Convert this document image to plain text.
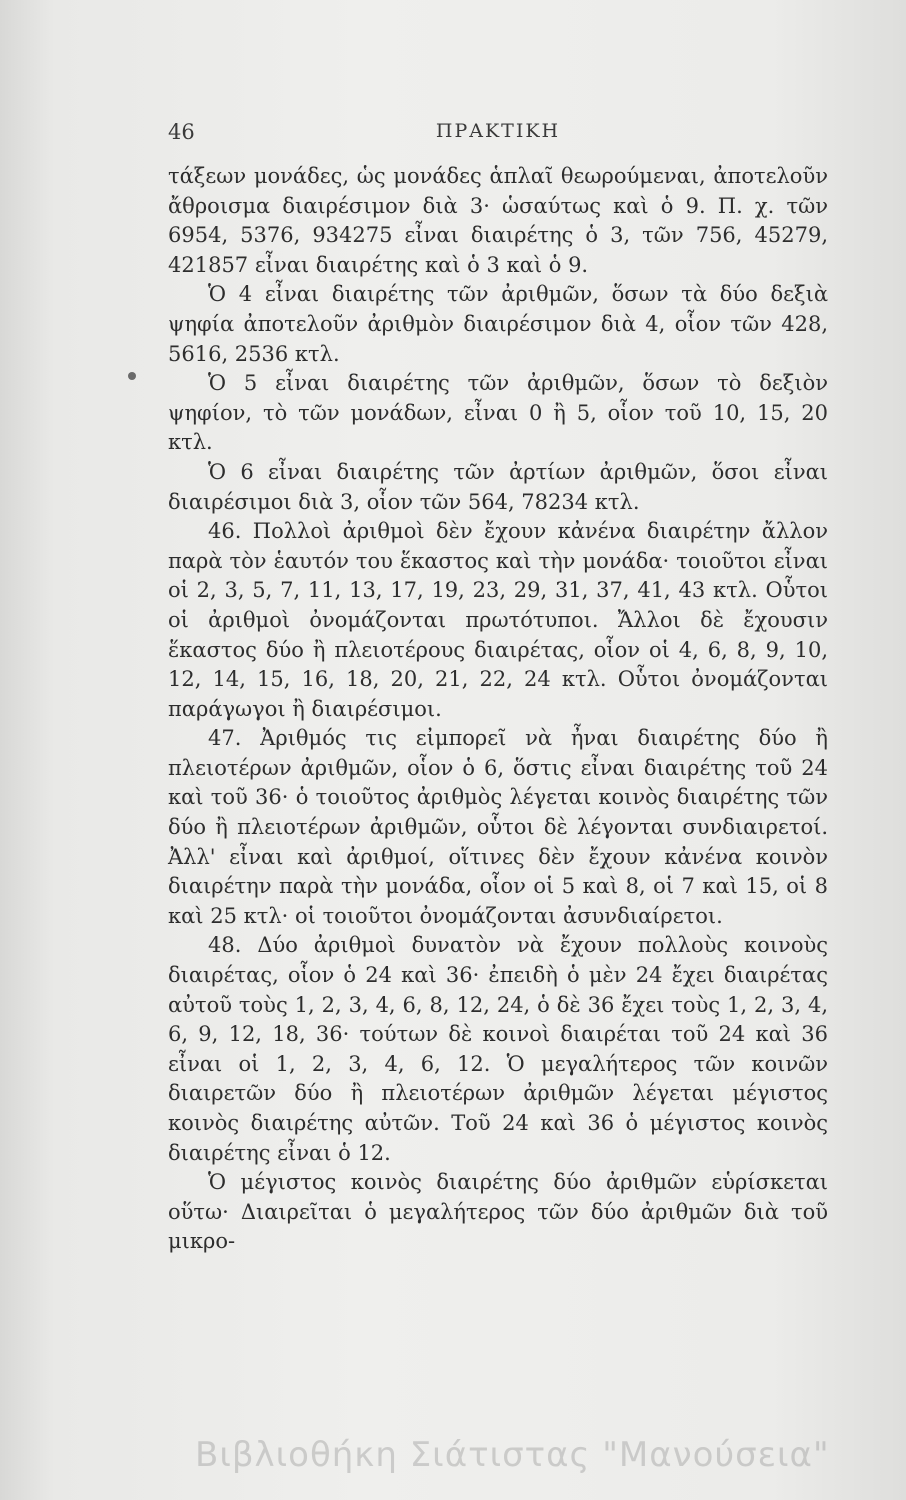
46	ΠΡΑΚΤΙΚΗ

τάξεων μονάδες, ὡς μονάδες ἁπλαῖ θεωρούμεναι, ἀποτελοῦν ἄθροισμα διαιρέσιμον διὰ 3· ὡσαύτως καὶ ὁ 9. Π. χ. τῶν 6954, 5376, 934275 εἶναι διαιρέτης ὁ 3, τῶν 756, 45279, 421857 εἶναι διαιρέτης καὶ ὁ 3 καὶ ὁ 9.

Ὁ 4 εἶναι διαιρέτης τῶν ἀριθμῶν, ὅσων τὰ δύο δεξιὰ ψηφία ἀποτελοῦν ἀριθμὸν διαιρέσιμον διὰ 4, οἷον τῶν 428, 5616, 2536 κτλ.

Ὁ 5 εἶναι διαιρέτης τῶν ἀριθμῶν, ὅσων τὸ δεξιὸν ψηφίον, τὸ τῶν μονάδων, εἶναι 0 ἢ 5, οἷον τοῦ 10, 15, 20 κτλ.

Ὁ 6 εἶναι διαιρέτης τῶν ἀρτίων ἀριθμῶν, ὅσοι εἶναι διαιρέσιμοι διὰ 3, οἷον τῶν 564, 78234 κτλ.

46. Πολλοὶ ἀριθμοὶ δὲν ἔχουν κἀνένα διαιρέτην ἄλλον παρὰ τὸν ἑαυτόν του ἕκαστος καὶ τὴν μονάδα· τοιοῦτοι εἶναι οἱ 2, 3, 5, 7, 11, 13, 17, 19, 23, 29, 31, 37, 41, 43 κτλ. Οὗτοι οἱ ἀριθμοὶ ὀνομάζονται πρωτότυποι. Ἄλλοι δὲ ἔχουσιν ἕκαστος δύο ἢ πλειοτέρους διαιρέτας, οἷον οἱ 4, 6, 8, 9, 10, 12, 14, 15, 16, 18, 20, 21, 22, 24 κτλ. Οὗτοι ὀνομάζονται παράγωγοι ἢ διαιρέσιμοι.

47. Ἀριθμός τις εἰμπορεῖ νὰ ἦναι διαιρέτης δύο ἢ πλειοτέρων ἀριθμῶν, οἷον ὁ 6, ὅστις εἶναι διαιρέτης τοῦ 24 καὶ τοῦ 36· ὁ τοιοῦτος ἀριθμὸς λέγεται κοινὸς διαιρέτης τῶν δύο ἢ πλειοτέρων ἀριθμῶν, οὗτοι δὲ λέγονται συνδιαιρετοί. Ἀλλ' εἶναι καὶ ἀριθμοί, οἵτινες δὲν ἔχουν κἀνένα κοινὸν διαιρέτην παρὰ τὴν μονάδα, οἷον οἱ 5 καὶ 8, οἱ 7 καὶ 15, οἱ 8 καὶ 25 κτλ· οἱ τοιοῦτοι ὀνομάζονται ἀσυνδιαίρετοι.

48. Δύο ἀριθμοὶ δυνατὸν νὰ ἔχουν πολλοὺς κοινοὺς διαιρέτας, οἷον ὁ 24 καὶ 36· ἐπειδὴ ὁ μὲν 24 ἔχει διαιρέτας αὐτοῦ τοὺς 1, 2, 3, 4, 6, 8, 12, 24, ὁ δὲ 36 ἔχει τοὺς 1, 2, 3, 4, 6, 9, 12, 18, 36· τούτων δὲ κοινοὶ διαιρέται τοῦ 24 καὶ 36 εἶναι οἱ 1, 2, 3, 4, 6, 12. Ὁ μεγαλήτερος τῶν κοινῶν διαιρετῶν δύο ἢ πλειοτέρων ἀριθμῶν λέγεται μέγιστος κοινὸς διαιρέτης αὐτῶν. Τοῦ 24 καὶ 36 ὁ μέγιστος κοινὸς διαιρέτης εἶναι ὁ 12.

Ὁ μέγιστος κοινὸς διαιρέτης δύο ἀριθμῶν εὑρίσκεται οὕτω· Διαιρεῖται ὁ μεγαλήτερος τῶν δύο ἀριθμῶν διὰ τοῦ μικρο-

Βιβλιοθήκη Σιάτιστας "Μανούσεια"
